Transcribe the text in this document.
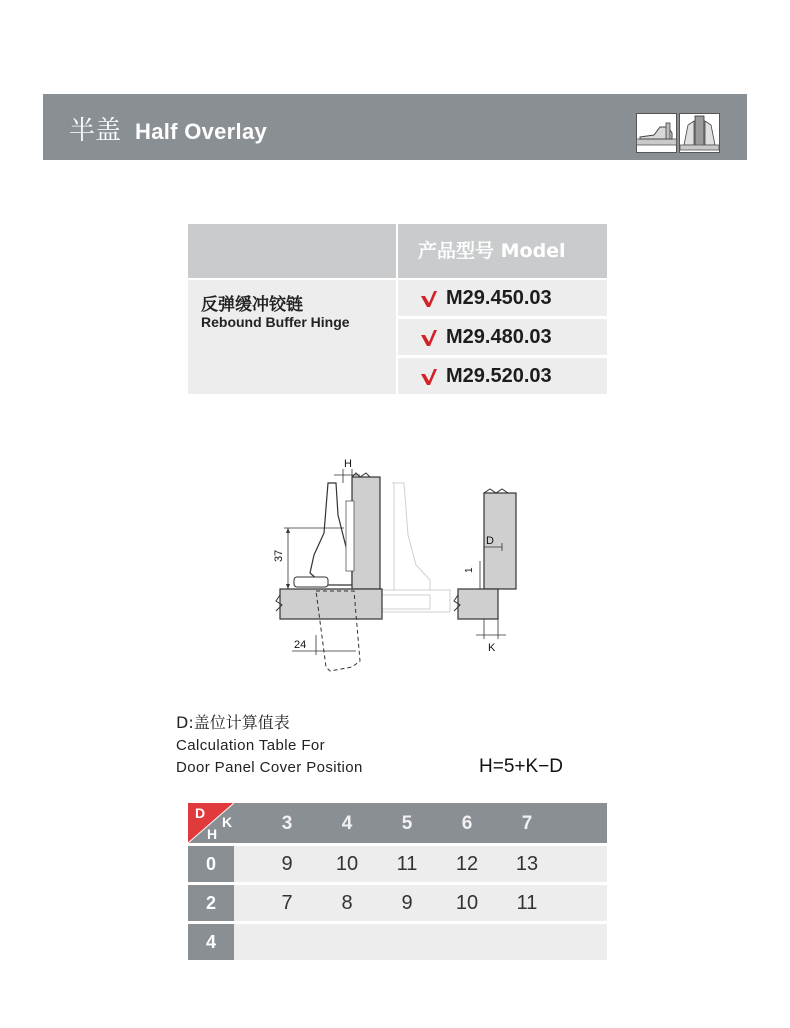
半盖 Half Overlay
产品型号 Model
反弹缓冲铰链
Rebound Buffer Hinge
M29.450.03
M29.480.03
M29.520.03
H
37
24
D
1
K
D:盖位计算值表
Calculation Table For
Door Panel Cover Position	H=5+K−D
D
K
H	3	4	5	6	7
0	9	10	11	12	13
2	7	8	9	10	11
4
